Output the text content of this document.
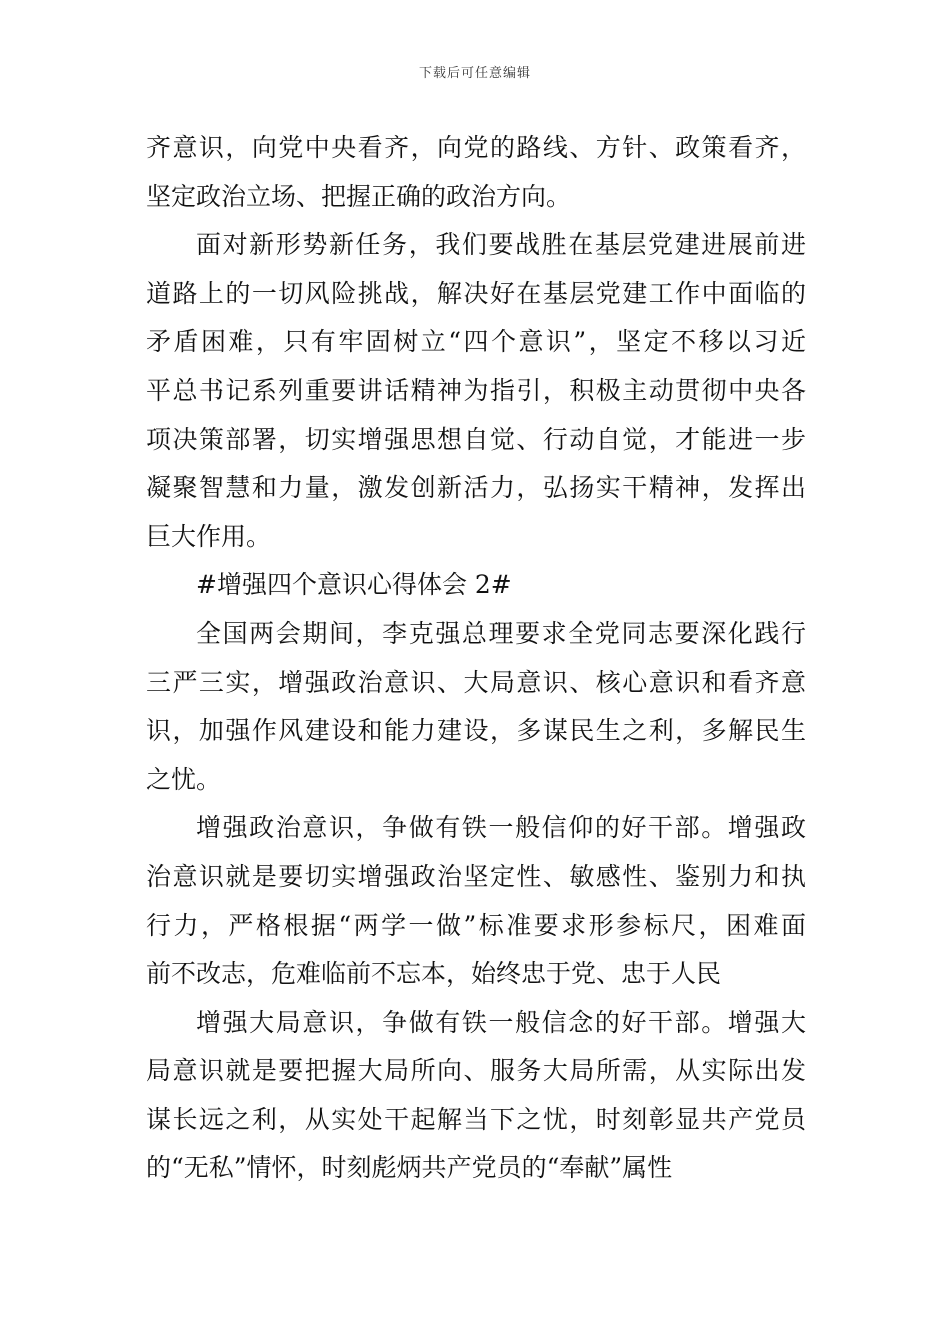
下载后可任意编辑
齐意识，向党中央看齐，向党的路线、方针、政策看齐，
坚定政治立场、把握正确的政治方向。
面对新形势新任务，我们要战胜在基层党建进展前进
道路上的一切风险挑战，解决好在基层党建工作中面临的
矛盾困难，只有牢固树立“四个意识”，坚定不移以习近
平总书记系列重要讲话精神为指引，积极主动贯彻中央各
项决策部署，切实增强思想自觉、行动自觉，才能进一步
凝聚智慧和力量，激发创新活力，弘扬实干精神，发挥出
巨大作用。
#增强四个意识心得体会 2#
全国两会期间，李克强总理要求全党同志要深化践行
三严三实，增强政治意识、大局意识、核心意识和看齐意
识，加强作风建设和能力建设，多谋民生之利，多解民生
之忧。
增强政治意识，争做有铁一般信仰的好干部。增强政
治意识就是要切实增强政治坚定性、敏感性、鉴别力和执
行力，严格根据“两学一做”标准要求形参标尺，困难面
前不改志，危难临前不忘本，始终忠于党、忠于人民
增强大局意识，争做有铁一般信念的好干部。增强大
局意识就是要把握大局所向、服务大局所需，从实际出发
谋长远之利，从实处干起解当下之忧，时刻彰显共产党员
的“无私”情怀，时刻彪炳共产党员的“奉献”属性
